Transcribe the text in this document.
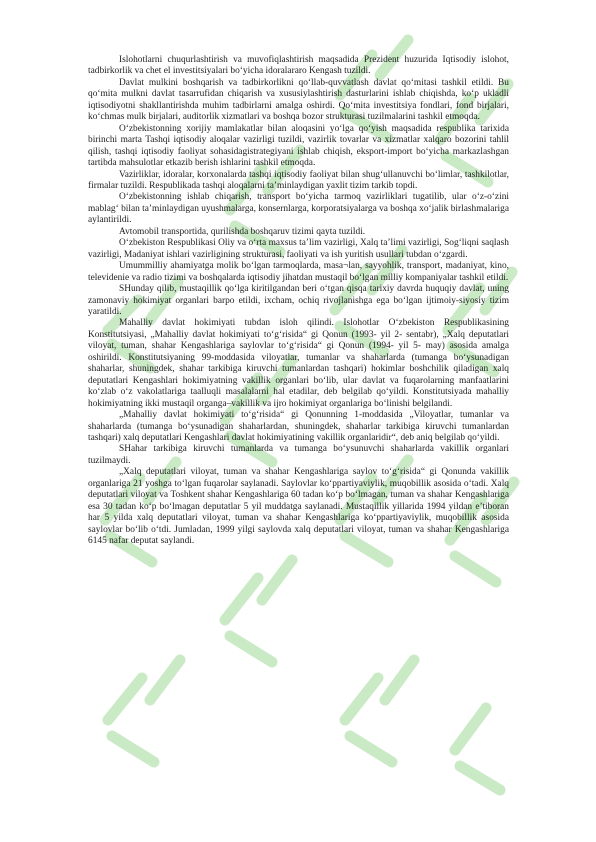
Islohotlarni chuqurlashtirish va muvofiqlashtirish maqsadida Prezident huzurida Iqtisodiy islohot, tadbirkorlik va chet el investitsiyalari bo‘yicha idoralararo Kengash tuzildi.

Davlat mulkini boshqarish va tadbirkorlikni qo‘llab-quvvatlash davlat qo‘mitasi tashkil etildi. Bu qo‘mita mulkni davlat tasarrufidan chiqarish va xususiylashtirish dasturlarini ishlab chiqishda, ko‘p ukladli iqtisodiyotni shakllantirishda muhim tadbirlarni amalga oshirdi. Qo‘mita investitsiya fondlari, fond birjalari, ko‘chmas mulk birjalari, auditorlik xizmatlari va boshqa bozor strukturasi tuzilmalarini tashkil etmoqda.

O‘zbekistonning xorijiy mamlakatlar bilan aloqasini yo‘lga qo‘yish maqsadida respublika tarixida birinchi marta Tashqi iqtisodiy aloqalar vazirligi tuzildi, vazirlik tovarlar va xizmatlar xalqaro bozorini tahlil qilish, tashqi iqtisodiy faoliyat sohasidagistrategiyani ishlab chiqish, eksport-import bo‘yicha markazlashgan tartibda mahsulotlar etkazib berish ishlarini tashkil etmoqda.

Vazirliklar, idoralar, korxonalarda tashqi iqtisodiy faoliyat bilan shug‘ullanuvchi bo‘limlar, tashkilotlar, firmalar tuzildi. Respublikada tashqi aloqalarni ta’minlaydigan yaxlit tizim tarkib topdi.

O‘zbekistonning ishlab chiqarish, transport bo‘yicha tarmoq vazirliklari tugatilib, ular o‘z-o‘zini mablag‘ bilan ta’minlaydigan uyushmalarga, konsernlarga, korporatsiyalarga va boshqa xo‘jalik birlashmalariga aylantirildi.

Avtomobil transportida, qurilishda boshqaruv tizimi qayta tuzildi.

O‘zbekiston Respublikasi Oliy va o‘rta maxsus ta’lim vazirligi, Xalq ta’limi vazirligi, Sog‘liqni saqlash vazirligi, Madaniyat ishlari vazirligining strukturasi, faoliyati va ish yuritish usullari tubdan o‘zgardi.

Umummilliy ahamiyatga molik bo‘lgan tarmoqlarda, masa¬lan, sayyohlik, transport, madaniyat, kino, televidenie va radio tizimi va boshqalarda iqtisodiy jihatdan mustaqil bo‘lgan milliy kompaniyalar tashkil etildi.

SHunday qilib, mustaqillik qo‘lga kiritilgandan beri o‘tgan qisqa tarixiy davrda huquqiy davlat, uning zamonaviy hokimiyat organlari barpo etildi, ixcham, ochiq rivojlanishga ega bo‘lgan ijtimoiy-siyosiy tizim yaratildi.

Mahalliy davlat hokimiyati tubdan isloh qilindi. Islohotlar O‘zbekiston Respublikasining Konstitutsiyasi, „Mahalliy davlat hokimiyati to‘g‘risida“ gi Qonun (1993- yil 2- sentabr), „Xalq deputatlari viloyat, tuman, shahar Kengashlariga saylovlar to‘g‘risida“ gi Qonun (1994- yil 5- may) asosida amalga oshirildi. Konstitutsiyaning 99-moddasida viloyatlar, tumanlar va shaharlarda (tumanga bo‘ysunadigan shaharlar, shuningdek, shahar tarkibiga kiruvchi tumanlardan tashqari) hokimlar boshchilik qiladigan xalq deputatlari Kengashlari hokimiyatning vakillik organlari bo‘lib, ular davlat va fuqarolarning manfaatlarini ko‘zlab o‘z vakolatlariga taalluqli masalalarni hal etadilar, deb belgilab qo‘yildi. Konstitutsiyada mahalliy hokimiyatning ikki mustaqil organga–vakillik va ijro hokimiyat organlariga bo‘linishi belgilandi.

„Mahalliy davlat hokimiyati to‘g‘risida“ gi Qonunning 1-moddasida „Viloyatlar, tumanlar va shaharlarda (tumanga bo‘ysunadigan shaharlardan, shuningdek, shaharlar tarkibiga kiruvchi tumanlardan tashqari) xalq deputatlari Kengashlari davlat hokimiyatining vakillik organlaridir“, deb aniq belgilab qo‘yildi.

SHahar tarkibiga kiruvchi tumanlarda va tumanga bo‘ysunuvchi shaharlarda vakillik organlari tuzilmaydi.

„Xalq deputatlari viloyat, tuman va shahar Kengashlariga saylov to‘g‘risida“ gi Qonunda vakillik organlariga 21 yoshga to‘lgan fuqarolar saylanadi. Saylovlar ko‘ppartiyaviylik, muqobillik asosida o‘tadi. Xalq deputatlari viloyat va Toshkent shahar Kengashlariga 60 tadan ko‘p bo‘lmagan, tuman va shahar Kengashlariga esa 30 tadan ko‘p bo‘lmagan deputatlar 5 yil muddatga saylanadi. Mustaqillik yillarida 1994 yildan e’tiboran har 5 yilda xalq deputatlari viloyat, tuman va shahar Kengashlariga ko‘ppartiyaviylik, muqobillik asosida saylovlar bo‘lib o‘tdi. Jumladan, 1999 yilgi saylovda xalq deputatlari viloyat, tuman va shahar Kengashlariga 6145 nafar deputat saylandi.
